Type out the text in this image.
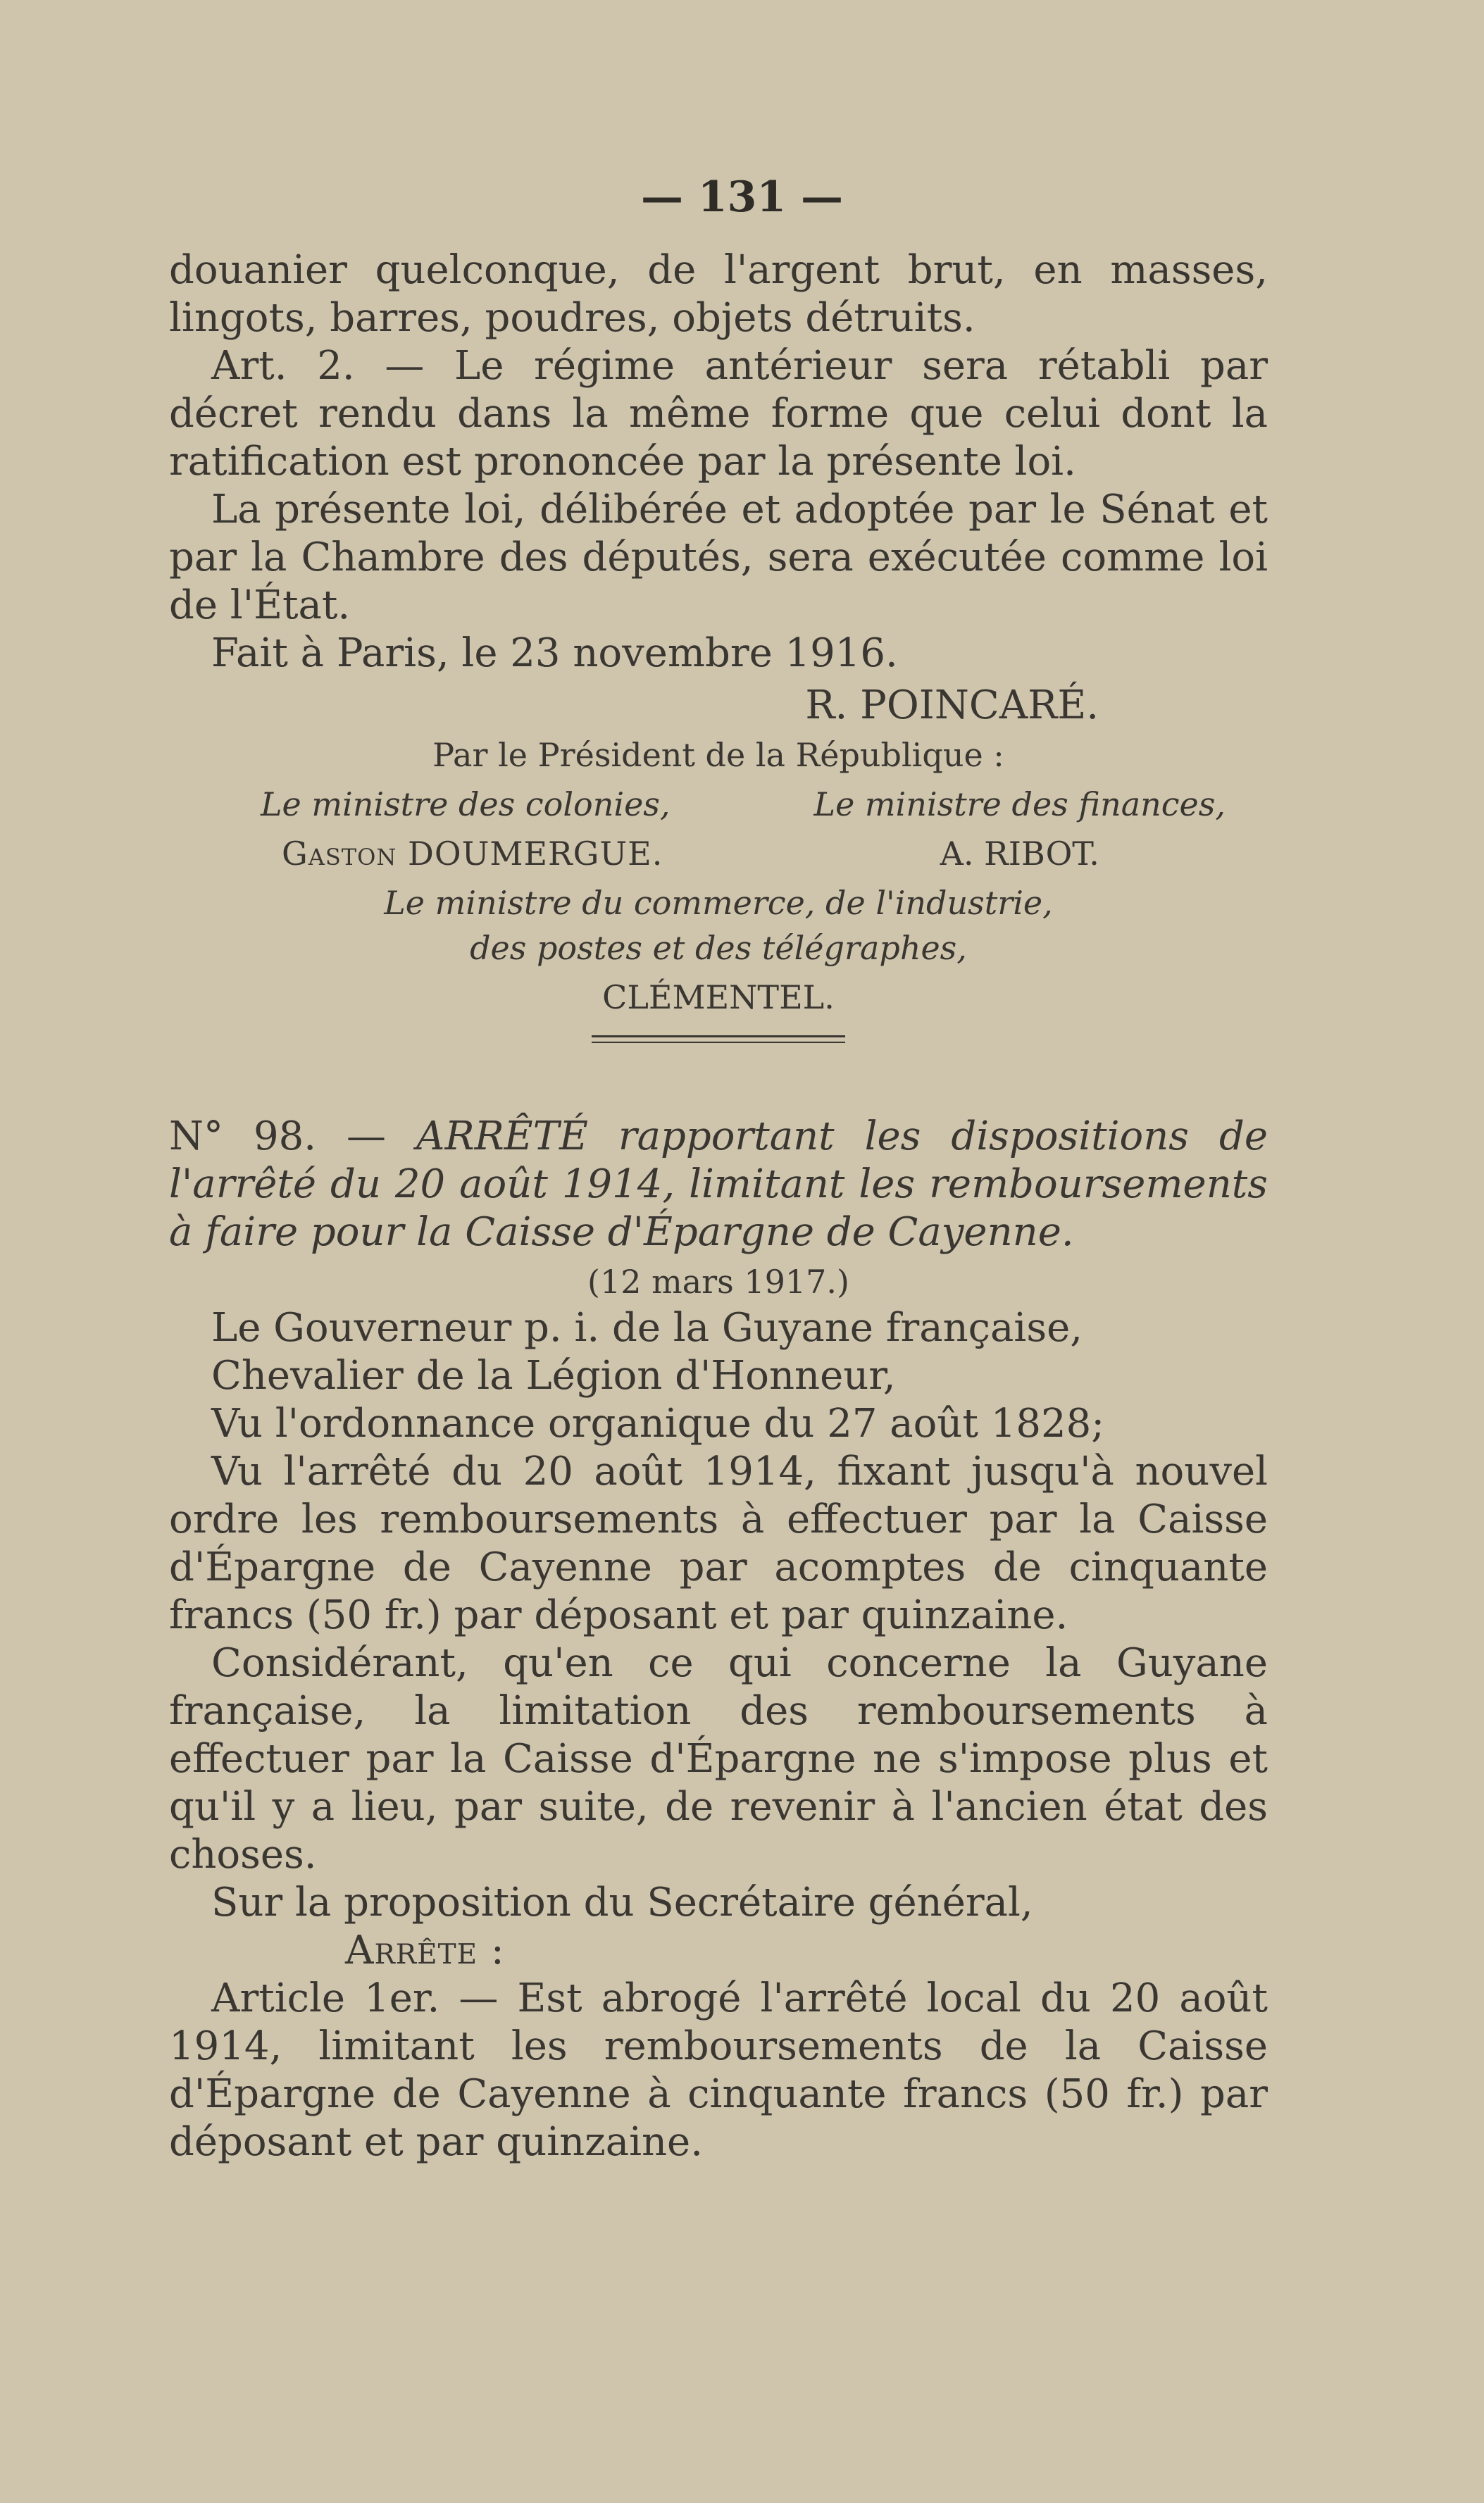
— 131 —

douanier quelconque, de l'argent brut, en masses, lingots, barres, poudres, objets détruits.

Art. 2. — Le régime antérieur sera rétabli par décret rendu dans la même forme que celui dont la ratification est prononcée par la présente loi.

La présente loi, délibérée et adoptée par le Sénat et par la Chambre des députés, sera exécutée comme loi de l'État.

Fait à Paris, le 23 novembre 1916.

R. POINCARÉ.

Par le Président de la République :

Le ministre des colonies,
Gaston DOUMERGUE.
Le ministre des finances,
A. RIBOT.

Le ministre du commerce, de l'industrie,

des postes et des télégraphes,

CLÉMENTEL.

N° 98. — ARRÊTÉ rapportant les dispositions de l'arrêté du 20 août 1914, limitant les remboursements à faire pour la Caisse d'Épargne de Cayenne.

(12 mars 1917.)

Le Gouverneur p. i. de la Guyane française,

Chevalier de la Légion d'Honneur,

Vu l'ordonnance organique du 27 août 1828;

Vu l'arrêté du 20 août 1914, fixant jusqu'à nouvel ordre les remboursements à effectuer par la Caisse d'Épargne de Cayenne par acomptes de cinquante francs (50 fr.) par déposant et par quinzaine.

Considérant, qu'en ce qui concerne la Guyane française, la limitation des remboursements à effectuer par la Caisse d'Épargne ne s'impose plus et qu'il y a lieu, par suite, de revenir à l'ancien état des choses.

Sur la proposition du Secrétaire général,

Arrête :

Article 1er. — Est abrogé l'arrêté local du 20 août 1914, limitant les remboursements de la Caisse d'Épargne de Cayenne à cinquante francs (50 fr.) par déposant et par quinzaine.
